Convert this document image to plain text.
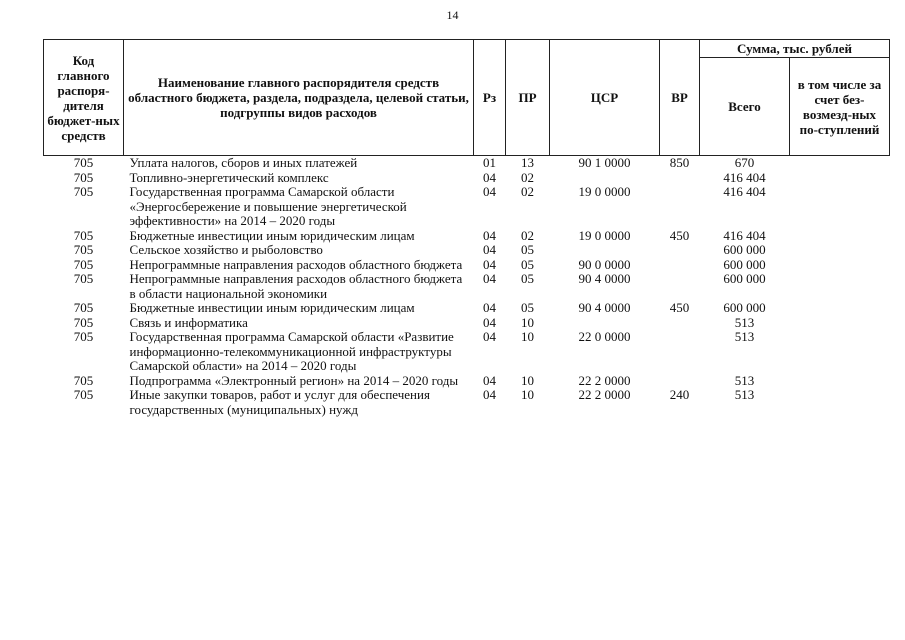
14
Код главного распоря-дителя бюджет-ных средств	Наименование главного распорядителя средств областного бюджета, раздела, подраздела, целевой статьи, подгруппы видов расходов	Рз	ПР	ЦСР	ВР	Сумма, тыс. рублей	
						Всего	в том числе за счет без-возмезд-ных по-ступлений
705	Уплата налогов, сборов и иных платежей	01	13	90 1 0000	850	670	
705	Топливно-энергетический комплекс	04	02			416 404	
705	Государственная программа Самарской области «Энергосбережение и повышение энергетической эффективности» на 2014 – 2020 годы	04	02	19 0 0000		416 404	
705	Бюджетные инвестиции иным юридическим лицам	04	02	19 0 0000	450	416 404	
705	Сельское хозяйство и рыболовство	04	05			600 000	
705	Непрограммные направления расходов областного бюджета	04	05	90 0 0000		600 000	
705	Непрограммные направления расходов областного бюджета в области национальной экономики	04	05	90 4 0000		600 000	
705	Бюджетные инвестиции иным юридическим лицам	04	05	90 4 0000	450	600 000	
705	Связь и информатика	04	10			513	
705	Государственная программа Самарской области «Развитие информационно-телекоммуникационной инфраструктуры Самарской области» на 2014 – 2020 годы	04	10	22 0 0000		513	
705	Подпрограмма «Электронный регион» на 2014 – 2020 годы	04	10	22 2 0000		513	
705	Иные закупки товаров, работ и услуг для обеспечения государственных (муниципальных) нужд	04	10	22 2 0000	240	513	
